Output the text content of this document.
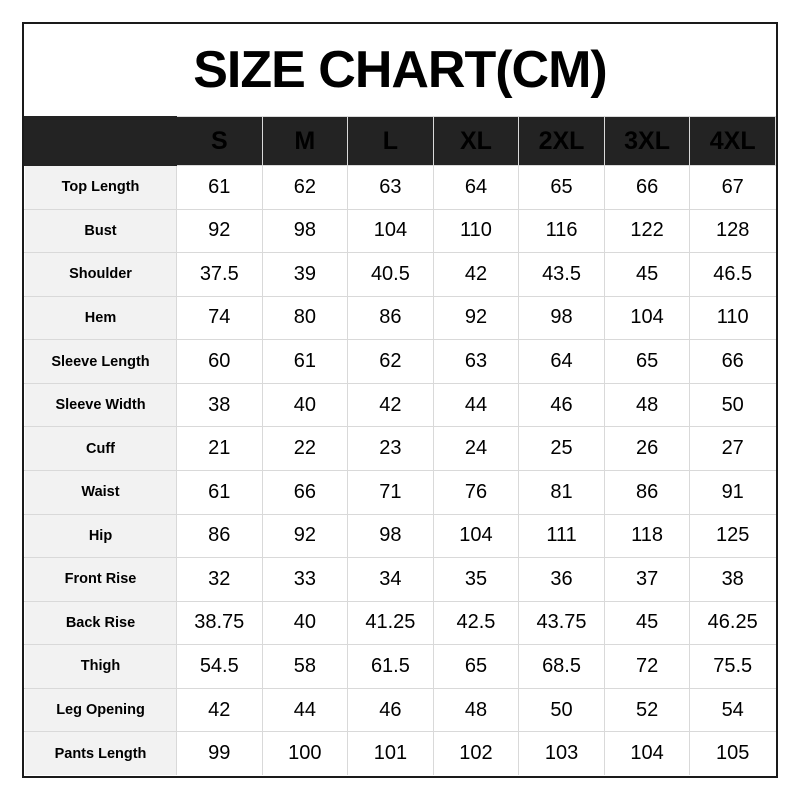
SIZE CHART(CM)
	S	M	L	XL	2XL	3XL	4XL
Top Length	61	62	63	64	65	66	67
Bust	92	98	104	110	116	122	128
Shoulder	37.5	39	40.5	42	43.5	45	46.5
Hem	74	80	86	92	98	104	110
Sleeve Length	60	61	62	63	64	65	66
Sleeve Width	38	40	42	44	46	48	50
Cuff	21	22	23	24	25	26	27
Waist	61	66	71	76	81	86	91
Hip	86	92	98	104	111	118	125
Front Rise	32	33	34	35	36	37	38
Back Rise	38.75	40	41.25	42.5	43.75	45	46.25
Thigh	54.5	58	61.5	65	68.5	72	75.5
Leg Opening	42	44	46	48	50	52	54
Pants Length	99	100	101	102	103	104	105
